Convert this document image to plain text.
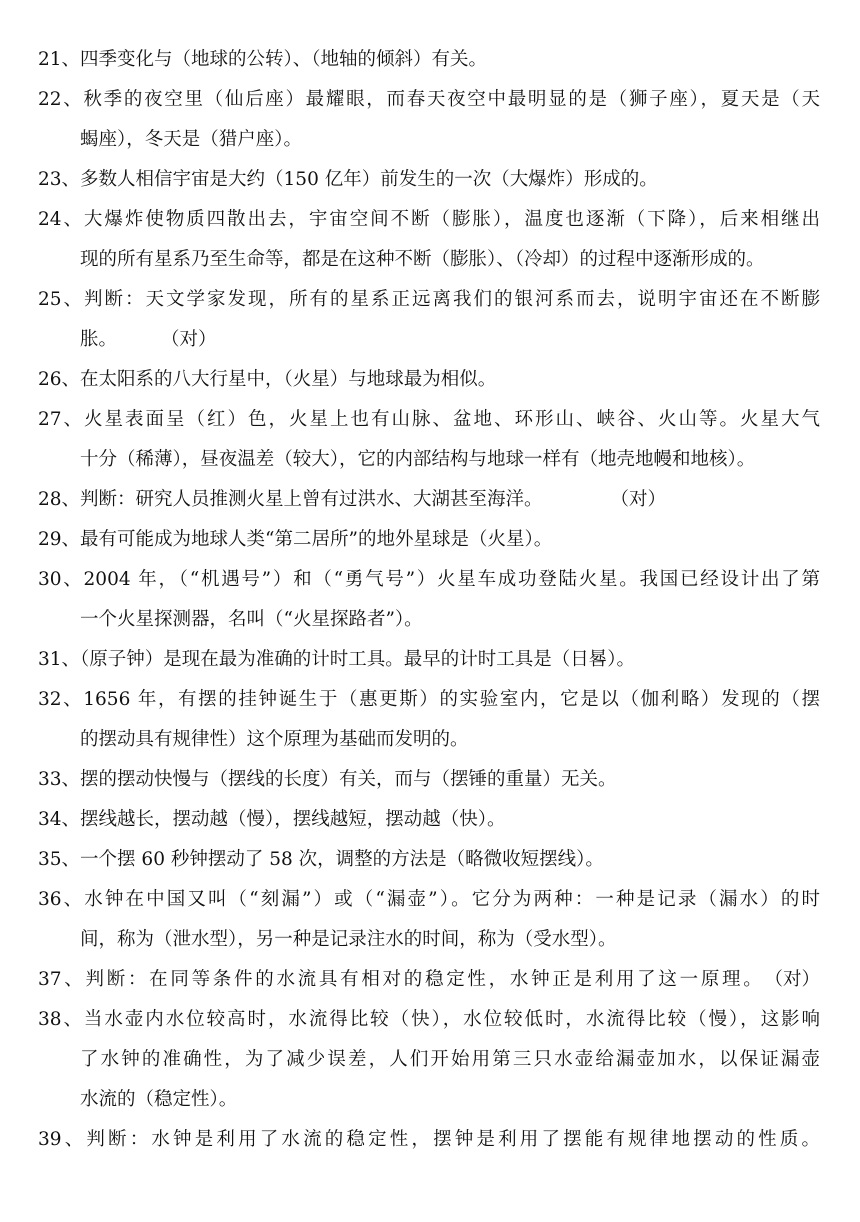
21、四季变化与（地球的公转）、（地轴的倾斜）有关。
22、秋季的夜空里（仙后座）最耀眼，而春天夜空中最明显的是（狮子座），夏天是（天
蝎座），冬天是（猎户座）。
23、多数人相信宇宙是大约（150 亿年）前发生的一次（大爆炸）形成的。
24、大爆炸使物质四散出去，宇宙空间不断（膨胀），温度也逐渐（下降），后来相继出
现的所有星系乃至生命等，都是在这种不断（膨胀）、（冷却）的过程中逐渐形成的。
25、判断：天文学家发现，所有的星系正远离我们的银河系而去，说明宇宙还在不断膨
胀。 （对）
26、在太阳系的八大行星中，（火星）与地球最为相似。
27、火星表面呈（红）色，火星上也有山脉、盆地、环形山、峡谷、火山等。火星大气
十分（稀薄），昼夜温差（较大），它的内部结构与地球一样有（地壳地幔和地核）。
28、判断：研究人员推测火星上曾有过洪水、大湖甚至海洋。	（对）
29、最有可能成为地球人类“第二居所”的地外星球是（火星）。
30、2004 年，（“机遇号”）和（“勇气号”）火星车成功登陆火星。我国已经设计出了第
一个火星探测器，名叫（“火星探路者”）。
31、（原子钟）是现在最为准确的计时工具。最早的计时工具是（日晷）。
32、1656 年，有摆的挂钟诞生于（惠更斯）的实验室内，它是以（伽利略）发现的（摆
的摆动具有规律性）这个原理为基础而发明的。
33、摆的摆动快慢与（摆线的长度）有关，而与（摆锤的重量）无关。
34、摆线越长，摆动越（慢），摆线越短，摆动越（快）。
35、一个摆 60 秒钟摆动了 58 次，调整的方法是（略微收短摆线）。
36、水钟在中国又叫（“刻漏”）或（“漏壶”）。它分为两种：一种是记录（漏水）的时
间，称为（泄水型），另一种是记录注水的时间，称为（受水型）。
37、判断：在同等条件的水流具有相对的稳定性，水钟正是利用了这一原理。（对）
38、当水壶内水位较高时，水流得比较（快），水位较低时，水流得比较（慢），这影响
了水钟的准确性，为了减少误差，人们开始用第三只水壶给漏壶加水，以保证漏壶
水流的（稳定性）。
39、判断：水钟是利用了水流的稳定性，摆钟是利用了摆能有规律地摆动的性质。
